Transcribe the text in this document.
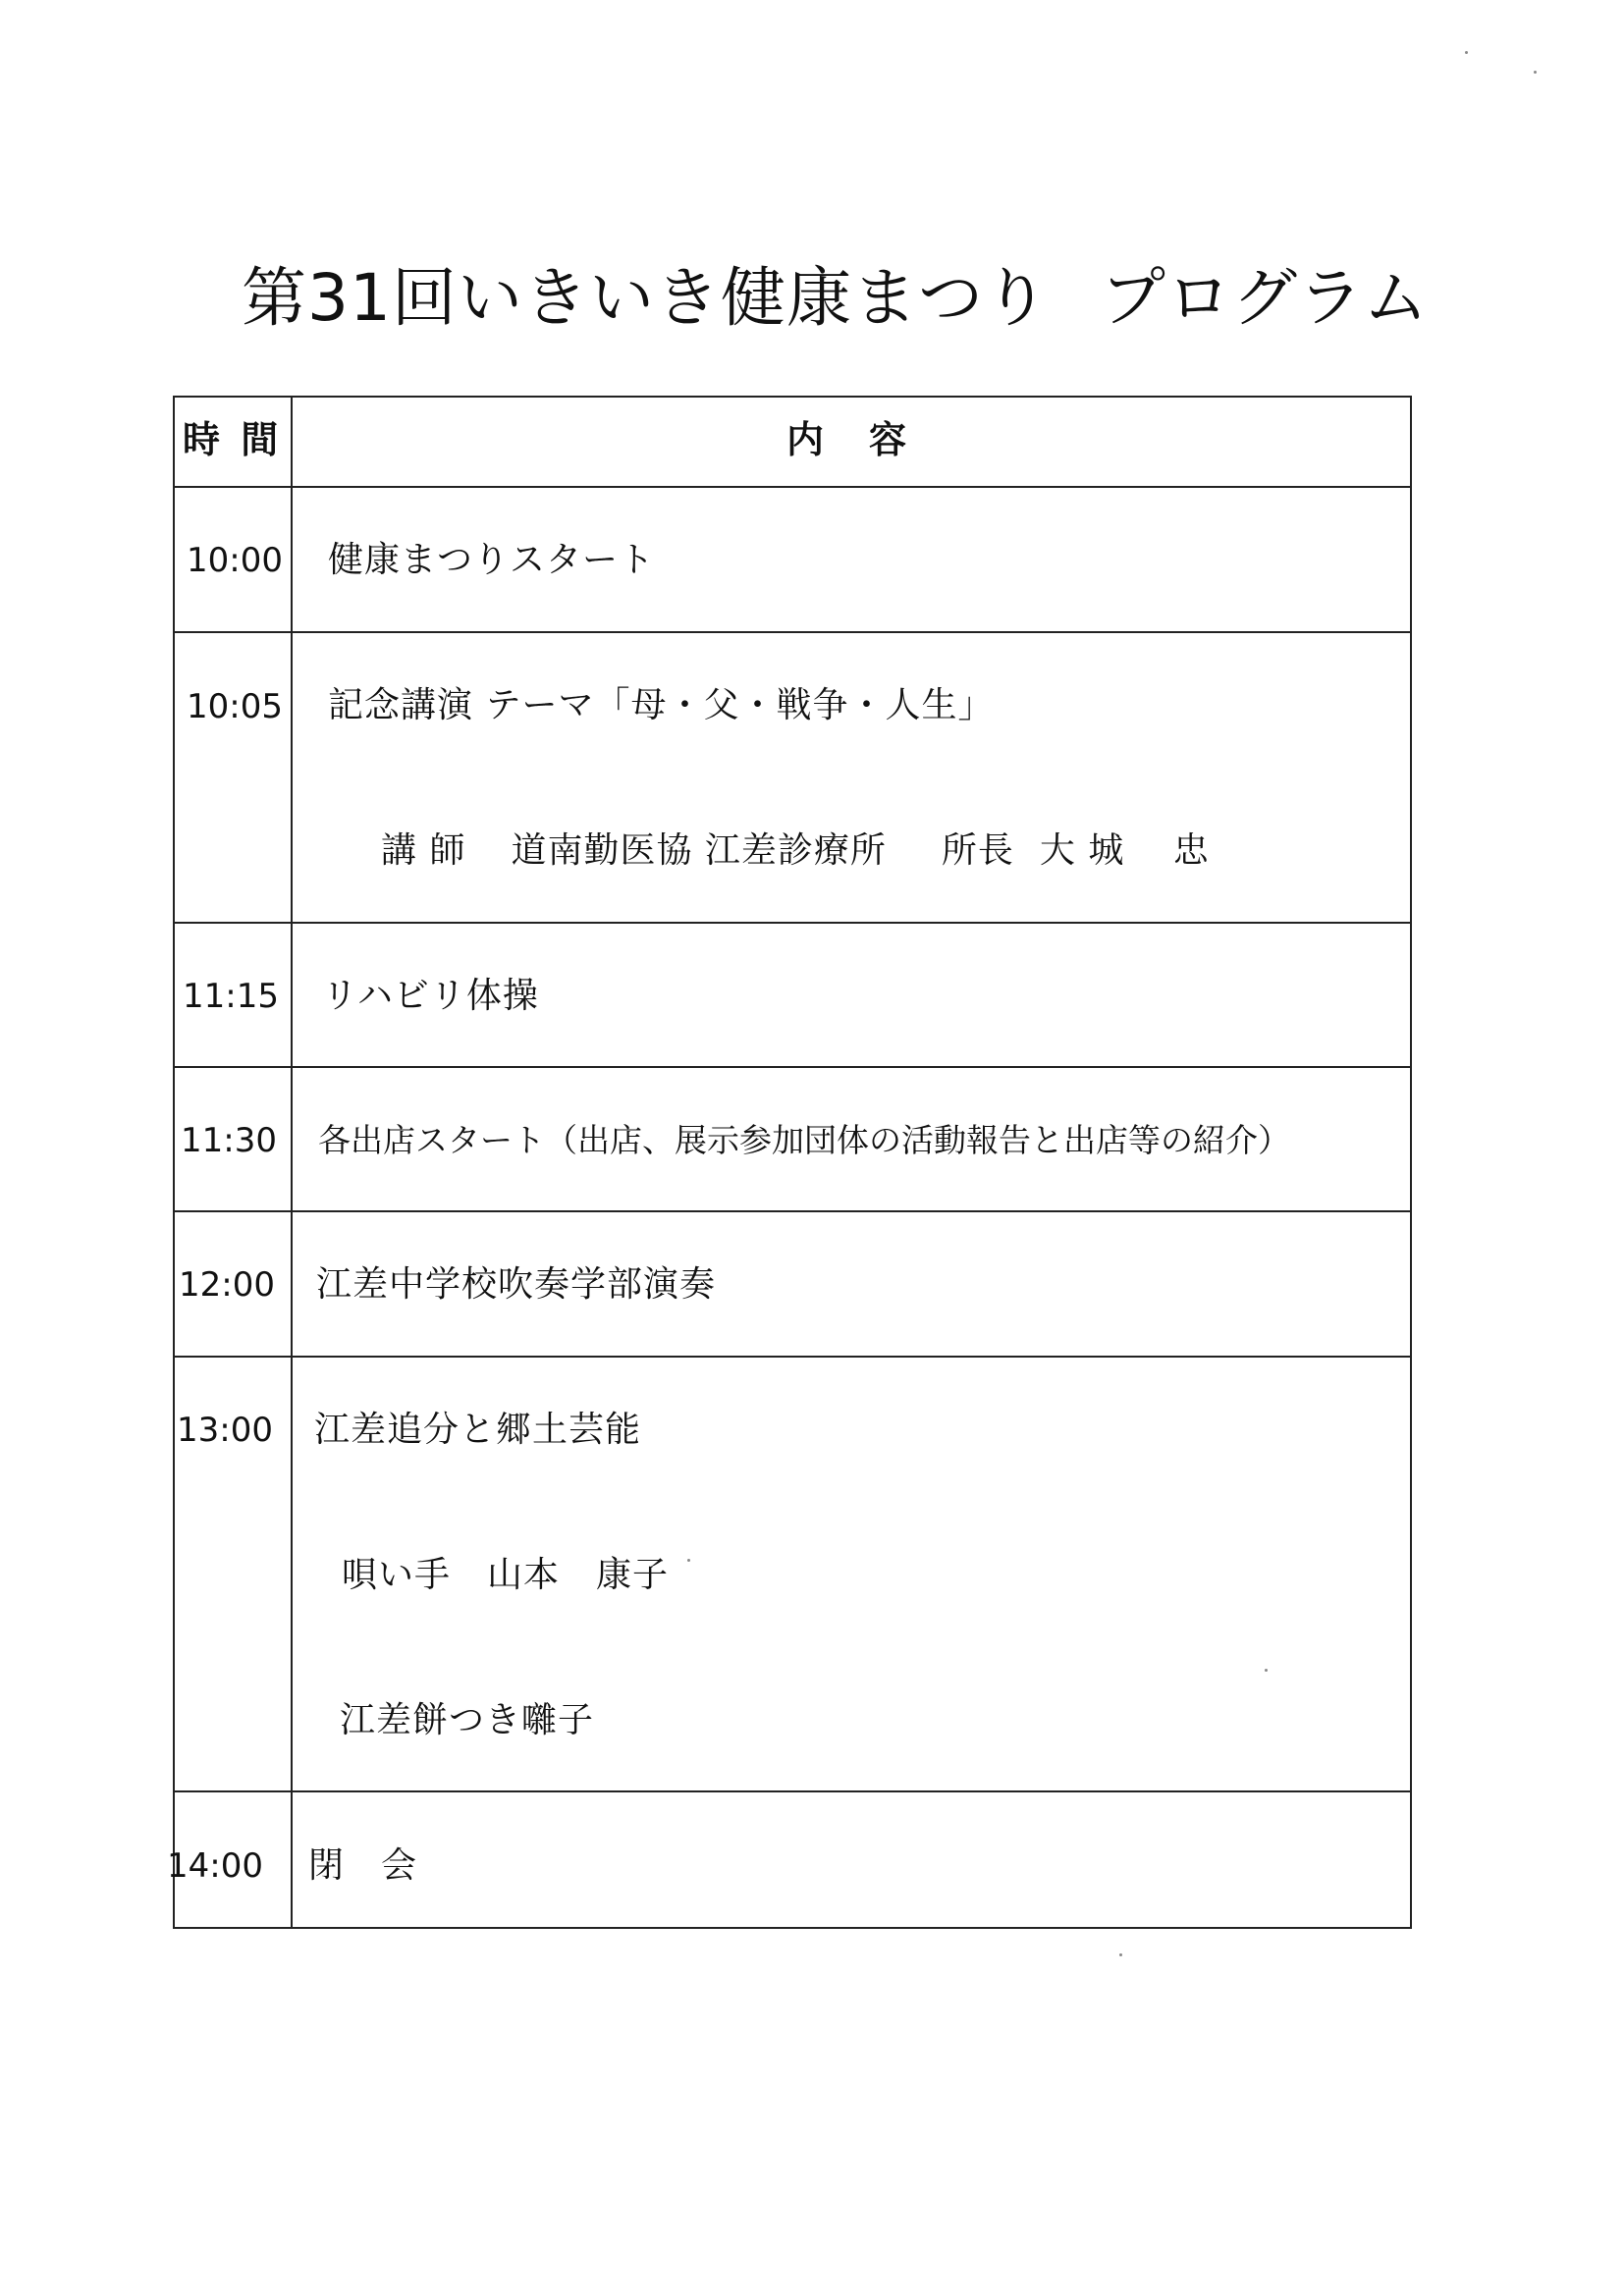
第31回いきいき健康まつり プログラム
時 間	内　容
10:00 健康まつりスタート
10:05 記念講演 テーマ「母・父・戦争・人生」
講 師 道南勤医協 江差診療所 所長 大 城　 忠
11:15 リハビリ体操
11:30 各出店スタート（出店、展示参加団体の活動報告と出店等の紹介）
12:00 江差中学校吹奏学部演奏
13:00 江差追分と郷土芸能
唄い手　山本　康子
江差餅つき囃子
14:00 閉　会
